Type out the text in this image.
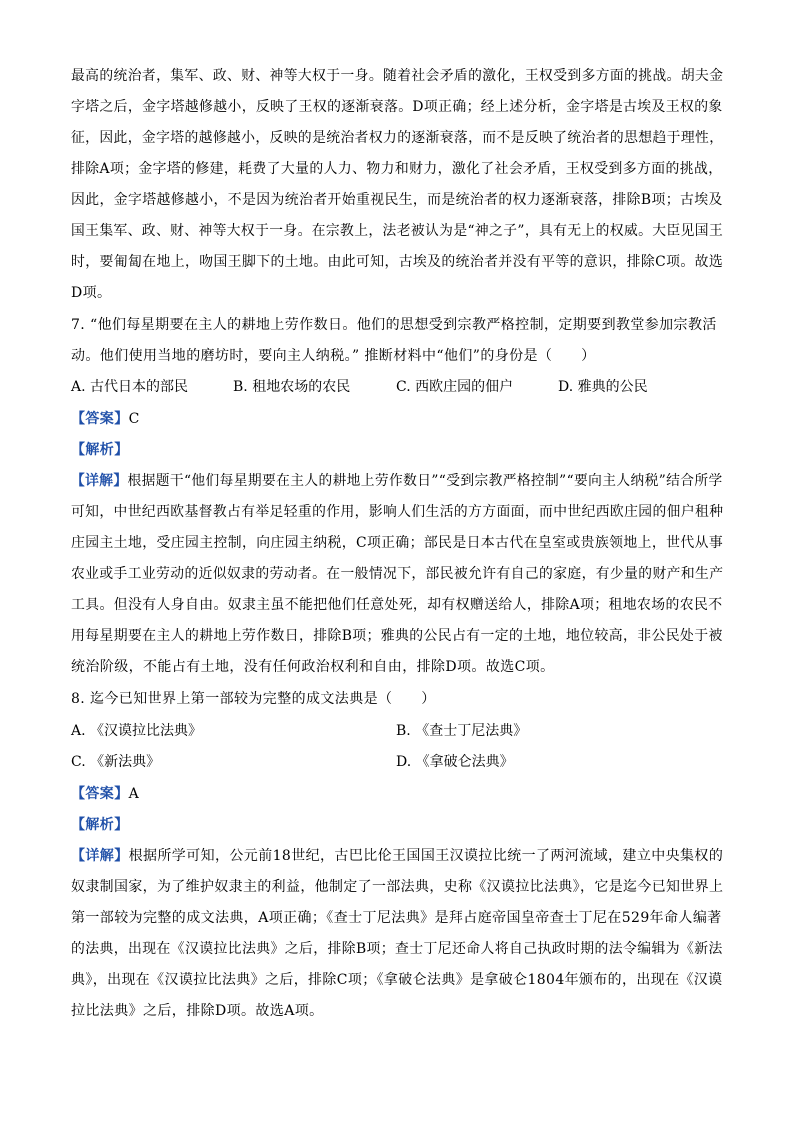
最高的统治者，集军、政、财、神等大权于一身。随着社会矛盾的激化，王权受到多方面的挑战。胡夫金
字塔之后，金字塔越修越小，反映了王权的逐渐衰落。D项正确；经上述分析，金字塔是古埃及王权的象
征，因此，金字塔的越修越小，反映的是统治者权力的逐渐衰落，而不是反映了统治者的思想趋于理性，
排除A项；金字塔的修建，耗费了大量的人力、物力和财力，激化了社会矛盾，王权受到多方面的挑战，
因此，金字塔越修越小，不是因为统治者开始重视民生，而是统治者的权力逐渐衰落，排除B项；古埃及
国王集军、政、财、神等大权于一身。在宗教上，法老被认为是“神之子”，具有无上的权威。大臣见国王
时，要匍匐在地上，吻国王脚下的土地。由此可知，古埃及的统治者并没有平等的意识，排除C项。故选
D项。
7. “他们每星期要在主人的耕地上劳作数日。他们的思想受到宗教严格控制，定期要到教堂参加宗教活
动。他们使用当地的磨坊时，要向主人纳税。” 推断材料中“他们”的身份是（　　）
A. 古代日本的部民	B. 租地农场的农民	C. 西欧庄园的佃户	D. 雅典的公民
【答案】C
【解析】
【详解】根据题干“他们每星期要在主人的耕地上劳作数日”“受到宗教严格控制”“要向主人纳税”结合所学
可知，中世纪西欧基督教占有举足轻重的作用，影响人们生活的方方面面，而中世纪西欧庄园的佃户租种
庄园主土地，受庄园主控制，向庄园主纳税，C项正确；部民是日本古代在皇室或贵族领地上，世代从事
农业或手工业劳动的近似奴隶的劳动者。在一般情况下，部民被允许有自己的家庭，有少量的财产和生产
工具。但没有人身自由。奴隶主虽不能把他们任意处死，却有权赠送给人，排除A项；租地农场的农民不
用每星期要在主人的耕地上劳作数日，排除B项；雅典的公民占有一定的土地，地位较高，非公民处于被
统治阶级，不能占有土地，没有任何政治权利和自由，排除D项。故选C项。
8. 迄今已知世界上第一部较为完整的成文法典是（　　）
A. 《汉谟拉比法典》	B. 《查士丁尼法典》
C. 《新法典》	D. 《拿破仑法典》
【答案】A
【解析】
【详解】根据所学可知，公元前18世纪，古巴比伦王国国王汉谟拉比统一了两河流域，建立中央集权的
奴隶制国家，为了维护奴隶主的利益，他制定了一部法典，史称《汉谟拉比法典》，它是迄今已知世界上
第一部较为完整的成文法典，A项正确；《查士丁尼法典》是拜占庭帝国皇帝查士丁尼在529年命人编著
的法典，出现在《汉谟拉比法典》之后，排除B项；查士丁尼还命人将自己执政时期的法令编辑为《新法
典》，出现在《汉谟拉比法典》之后，排除C项；《拿破仑法典》是拿破仑1804年颁布的，出现在《汉谟
拉比法典》之后，排除D项。故选A项。
